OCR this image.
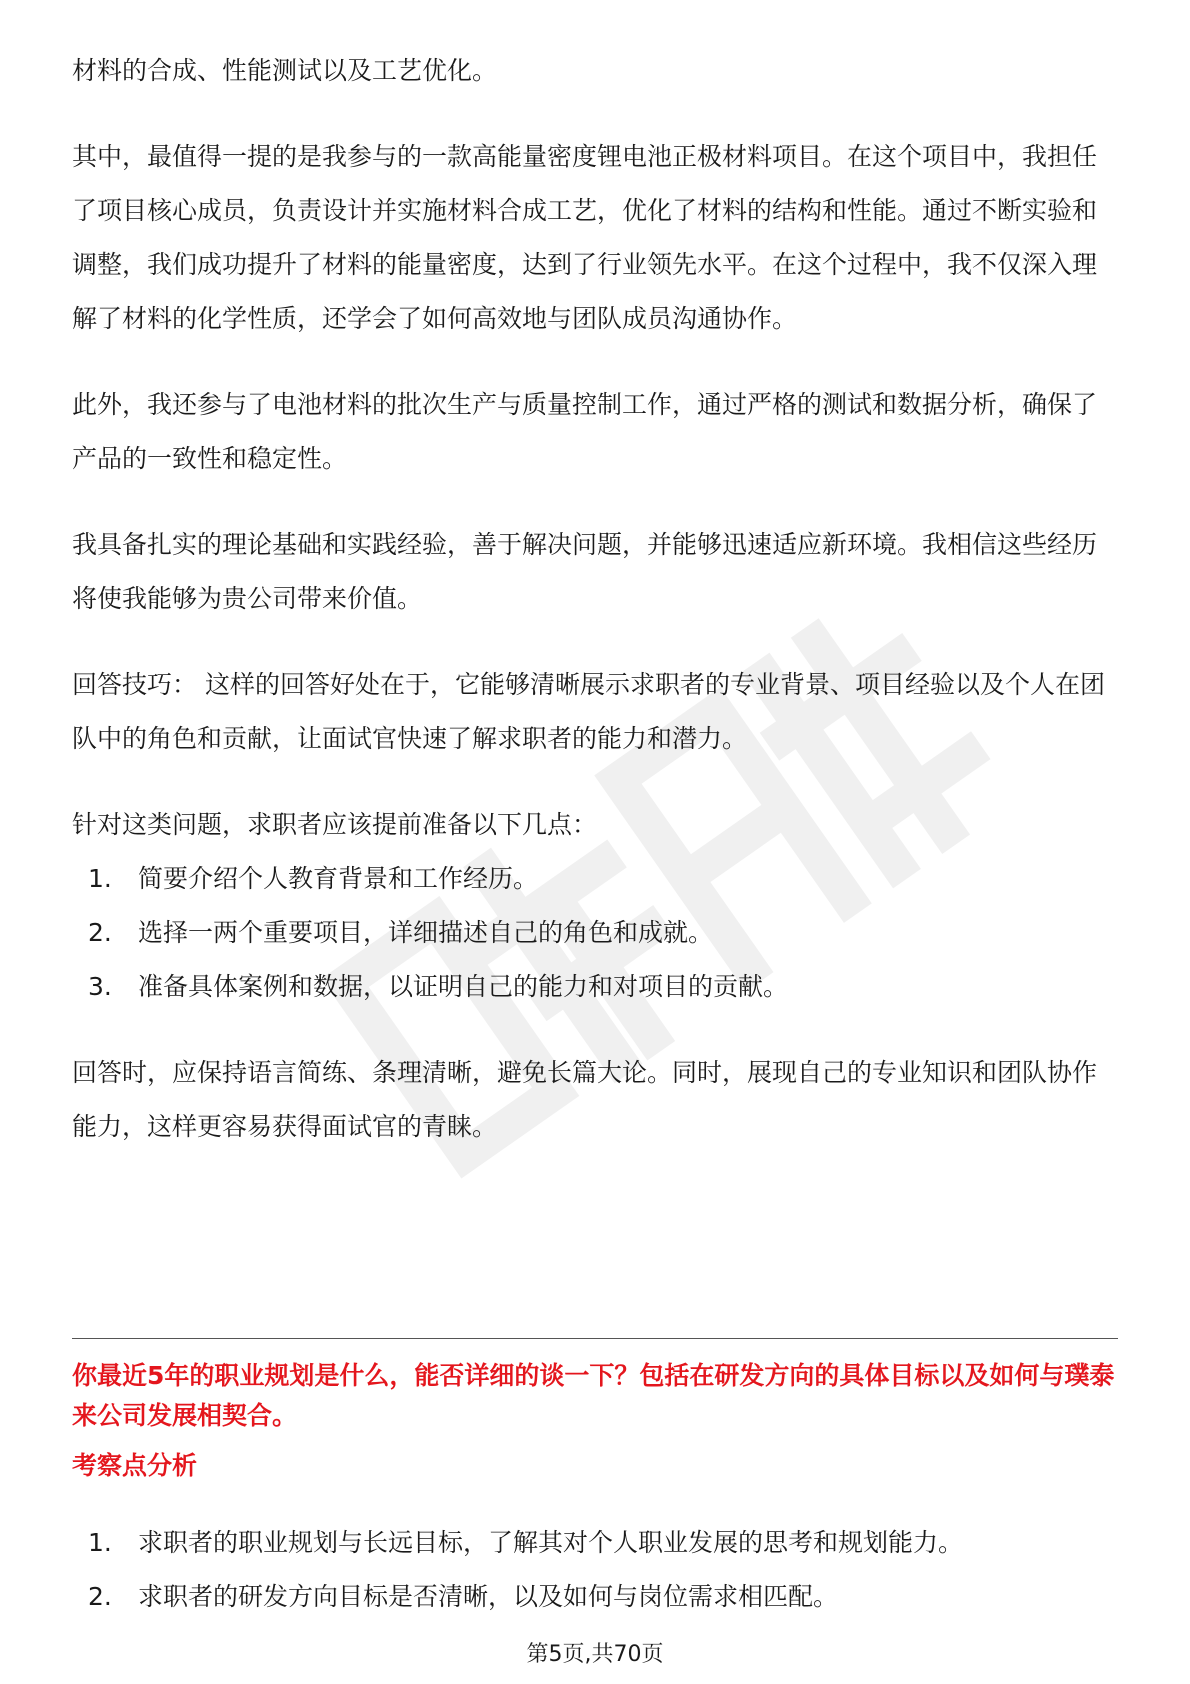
材料的合成、性能测试以及工艺优化。

其中，最值得一提的是我参与的一款高能量密度锂电池正极材料项目。在这个项目中，我担任了项目核心成员，负责设计并实施材料合成工艺，优化了材料的结构和性能。通过不断实验和调整，我们成功提升了材料的能量密度，达到了行业领先水平。在这个过程中，我不仅深入理解了材料的化学性质，还学会了如何高效地与团队成员沟通协作。

此外，我还参与了电池材料的批次生产与质量控制工作，通过严格的测试和数据分析，确保了产品的一致性和稳定性。

我具备扎实的理论基础和实践经验，善于解决问题，并能够迅速适应新环境。我相信这些经历将使我能够为贵公司带来价值。

回答技巧： 这样的回答好处在于，它能够清晰展示求职者的专业背景、项目经验以及个人在团队中的角色和贡献，让面试官快速了解求职者的能力和潜力。

针对这类问题，求职者应该提前准备以下几点：

1.	简要介绍个人教育背景和工作经历。
2.	选择一两个重要项目，详细描述自己的角色和成就。
3.	准备具体案例和数据，以证明自己的能力和对项目的贡献。

回答时，应保持语言简练、条理清晰，避免长篇大论。同时，展现自己的专业知识和团队协作能力，这样更容易获得面试官的青睐。

你最近5年的职业规划是什么，能否详细的谈一下？包括在研发方向的具体目标以及如何与璞泰来公司发展相契合。

考察点分析

1.	求职者的职业规划与长远目标，了解其对个人职业发展的思考和规划能力。
2.	求职者的研发方向目标是否清晰，以及如何与岗位需求相匹配。
第5页,共70页
